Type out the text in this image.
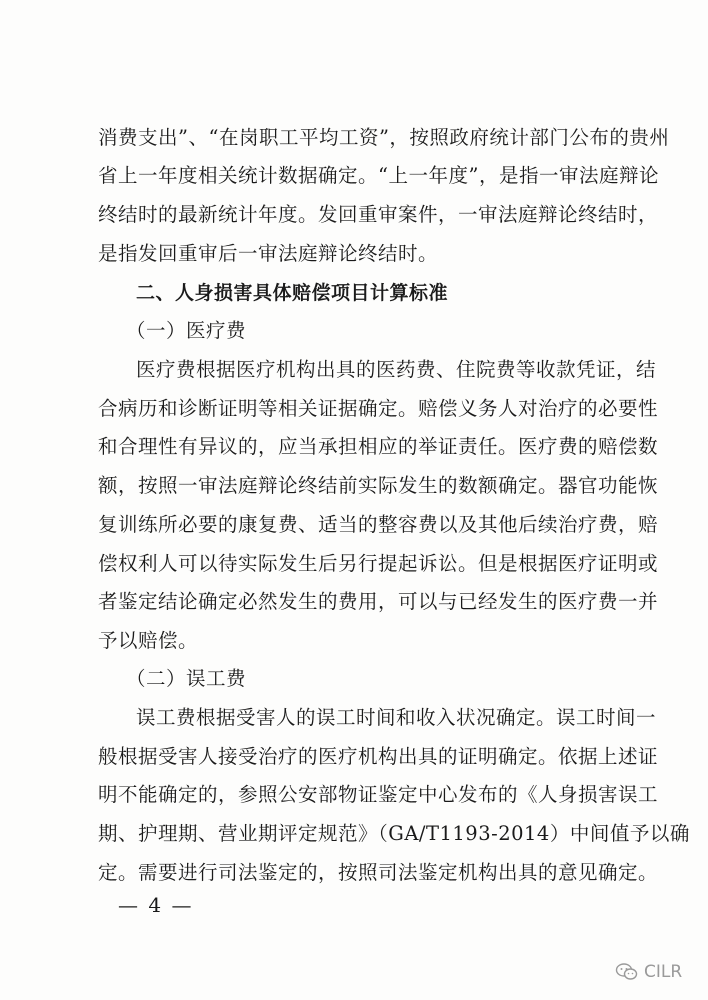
消费支出”、“在岗职工平均工资”，按照政府统计部门公布的贵州
省上一年度相关统计数据确定。“上一年度”，是指一审法庭辩论
终结时的最新统计年度。发回重审案件，一审法庭辩论终结时，
是指发回重审后一审法庭辩论终结时。
二、人身损害具体赔偿项目计算标准
（一）医疗费
医疗费根据医疗机构出具的医药费、住院费等收款凭证，结
合病历和诊断证明等相关证据确定。赔偿义务人对治疗的必要性
和合理性有异议的，应当承担相应的举证责任。医疗费的赔偿数
额，按照一审法庭辩论终结前实际发生的数额确定。器官功能恢
复训练所必要的康复费、适当的整容费以及其他后续治疗费，赔
偿权利人可以待实际发生后另行提起诉讼。但是根据医疗证明或
者鉴定结论确定必然发生的费用，可以与已经发生的医疗费一并
予以赔偿。
（二）误工费
误工费根据受害人的误工时间和收入状况确定。误工时间一
般根据受害人接受治疗的医疗机构出具的证明确定。依据上述证
明不能确定的，参照公安部物证鉴定中心发布的《人身损害误工
期、护理期、营业期评定规范》（GA/T1193-2014）中间值予以确
定。需要进行司法鉴定的，按照司法鉴定机构出具的意见确定。
— 4 —
CILR
